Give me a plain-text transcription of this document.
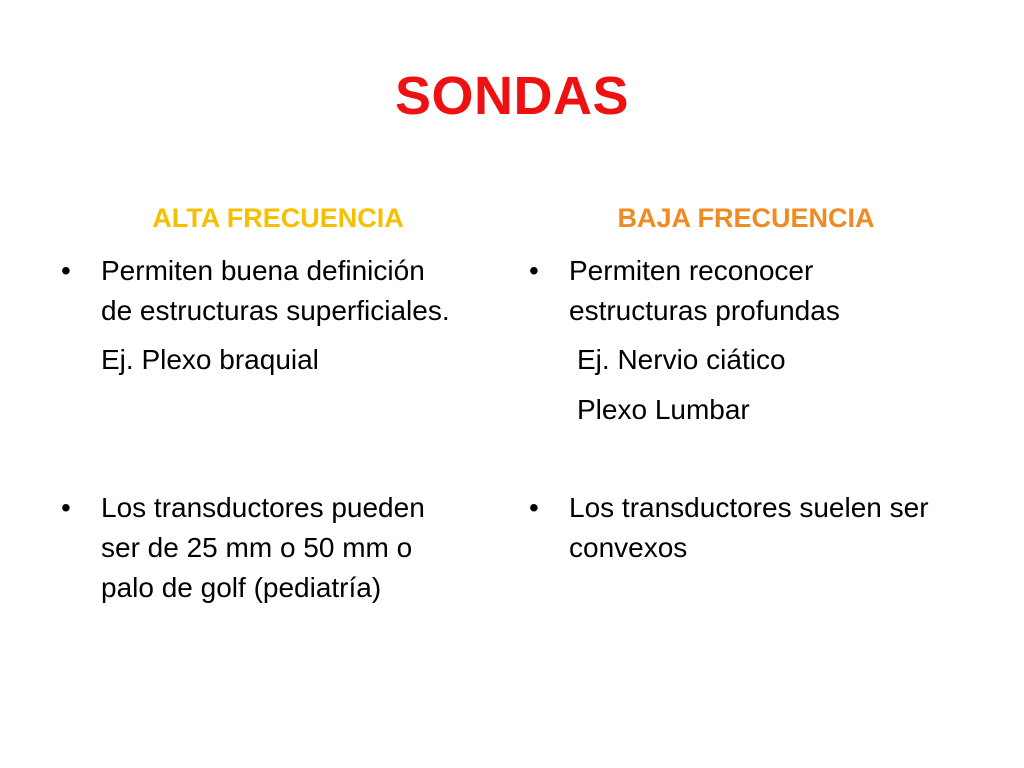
SONDAS
ALTA FRECUENCIA	BAJA FRECUENCIA
• Permiten buena definición
de estructuras superficiales.
Ej. Plexo braquial
• Los transductores pueden
ser de 25 mm o 50 mm o
palo de golf (pediatría)
• Permiten reconocer
estructuras profundas
Ej. Nervio ciático
Plexo Lumbar
• Los transductores suelen ser
convexos
